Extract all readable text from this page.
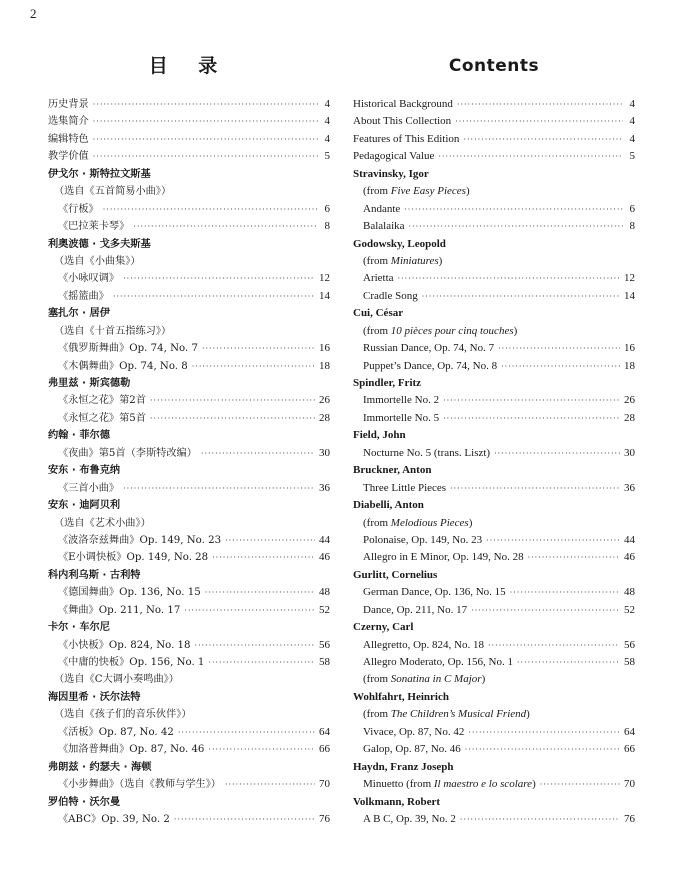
2
目 录
历史背景 ·····	4
选集简介 ·····	4
编辑特色 ·····	4
教学价值 ·····	5
伊戈尔 · 斯特拉文斯基
（选自《五首简易小曲》）
《行板》 ·····	6
《巴拉莱卡琴》 ·····	8
利奥波德 · 戈多夫斯基
（选自《小曲集》）
《小咏叹调》 ·····	12
《摇篮曲》 ·····	14
塞扎尔 · 居伊
（选自《十首五指练习》）
《俄罗斯舞曲》Op. 74, No. 7 ·····	16
《木偶舞曲》Op. 74, No. 8 ·····	18
弗里兹 · 斯宾德勒
《永恒之花》第2首 ·····	26
《永恒之花》第5首 ·····	28
约翰 · 菲尔德
《夜曲》第5首（李斯特改编） ·····	30
安东 · 布鲁克纳
《三首小曲》 ·····	36
安东 · 迪阿贝利
（选自《艺术小曲》）
《波洛奈兹舞曲》Op. 149, No. 23 ·····	44
《E小调快板》Op. 149, No. 28 ·····	46
科内利乌斯 · 古利特
《德国舞曲》Op. 136, No. 15 ·····	48
《舞曲》Op. 211, No. 17 ·····	52
卡尔 · 车尔尼
《小快板》Op. 824, No. 18 ·····	56
《中庸的快板》Op. 156, No. 1 ·····	58
（选自《C大调小奏鸣曲》）
海因里希 · 沃尔法特
（选自《孩子们的音乐伙伴》）
《活板》Op. 87, No. 42 ·····	64
《加洛普舞曲》Op. 87, No. 46 ·····	66
弗朗兹 · 约瑟夫 · 海顿
《小步舞曲》（选自《教师与学生》） ·····	70
罗伯特 · 沃尔曼
《ABC》Op. 39, No. 2 ·····	76
Contents
Historical Background ·····	4
About This Collection ·····	4
Features of This Edition ·····	4
Pedagogical Value ·····	5
Stravinsky, Igor
(from Five Easy Pieces)
Andante ·····	6
Balalaika ·····	8
Godowsky, Leopold
(from Miniatures)
Arietta ·····	12
Cradle Song ·····	14
Cui, César
(from 10 pièces pour cinq touches)
Russian Dance, Op. 74, No. 7 ·····	16
Puppet’s Dance, Op. 74, No. 8 ·····	18
Spindler, Fritz
Immortelle No. 2 ·····	26
Immortelle No. 5 ·····	28
Field, John
Nocturne No. 5 (trans. Liszt) ·····	30
Bruckner, Anton
Three Little Pieces ·····	36
Diabelli, Anton
(from Melodious Pieces)
Polonaise, Op. 149, No. 23 ·····	44
Allegro in E Minor, Op. 149, No. 28 ·····	46
Gurlitt, Cornelius
German Dance, Op. 136, No. 15 ·····	48
Dance, Op. 211, No. 17 ·····	52
Czerny, Carl
Allegretto, Op. 824, No. 18 ·····	56
Allegro Moderato, Op. 156, No. 1 ·····	58
(from Sonatina in C Major)
Wohlfahrt, Heinrich
(from The Children’s Musical Friend)
Vivace, Op. 87, No. 42 ·····	64
Galop, Op. 87, No. 46 ·····	66
Haydn, Franz Joseph
Minuetto (from Il maestro e lo scolare) ·····	70
Volkmann, Robert
A B C, Op. 39, No. 2 ·····	76
